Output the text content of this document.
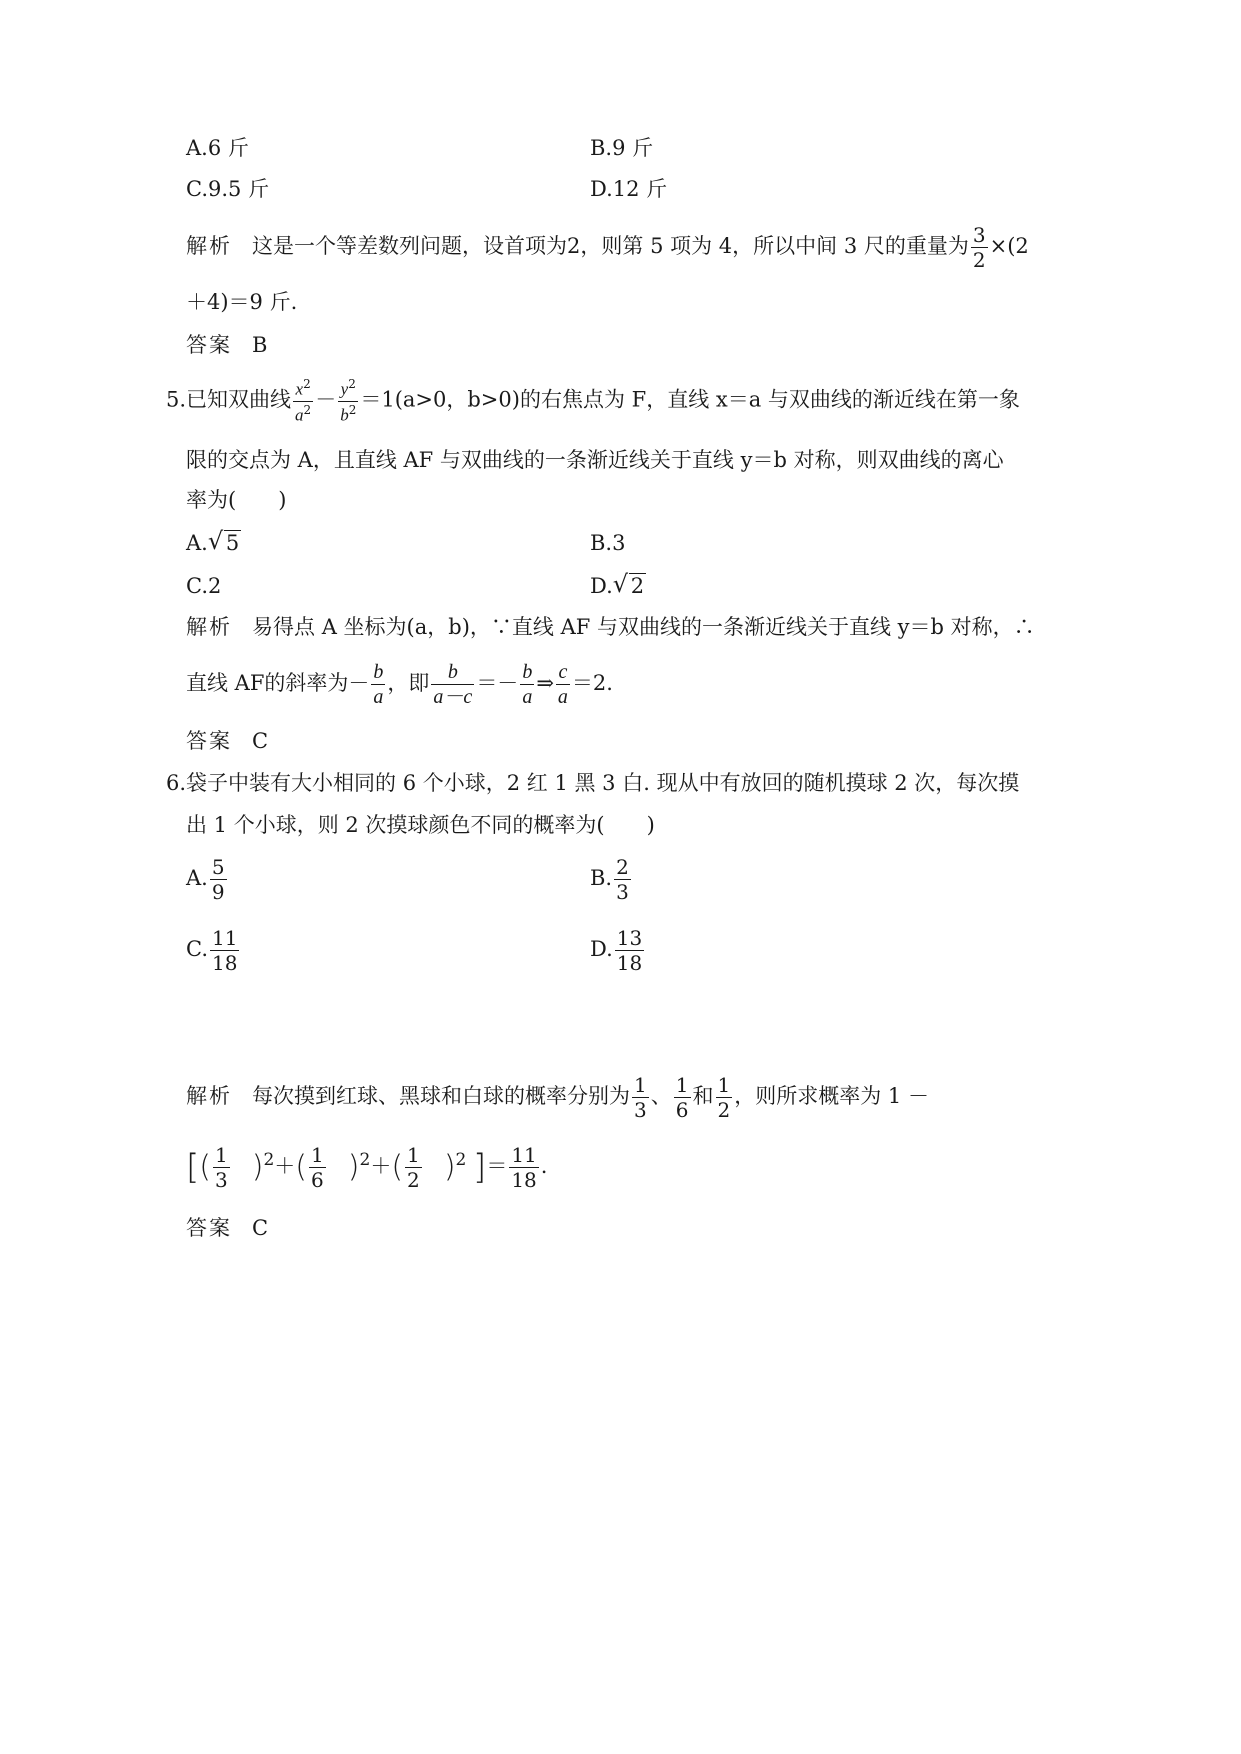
A.6 斤	B.9 斤
C.9.5 斤	D.12 斤
解析 这是一个等差数列问题，设首项为2，则第 5 项为 4，所以中间 3 尺的重量为 $\frac{3}{2} \times(2$
＋4)＝9 斤.
答案 B
5.已知双曲线 $\frac{x^2}{a^2} - \frac{y^2}{b^2} =1(a>0$，b>0)的右焦点为 F，直线 x＝a 与双曲线的渐近线在第一象
限的交点为 A，且直线 AF 与双曲线的一条渐近线关于直线 y＝b 对称，则双曲线的离心
率为(　　)
A. √ 5	B.3
C.2	D. √ 2
解析 易得点 A 坐标为(a，b)，∵直线 AF 与双曲线的一条渐近线关于直线 y＝b 对称，∴
直线 AF的斜率为－ $\frac{b}{a}$ ，即 $\frac{b}{a-c} =- \frac{b}{a}$ ⇒ $\frac{c}{a} =2$.
答案 C
6.袋子中装有大小相同的 6 个小球，2 红 1 黑 3 白. 现从中有放回的随机摸球 2 次，每次摸
出 1 个小球，则 2 次摸球颜色不同的概率为(　　)
A. $\frac{5}{9}$	B. $\frac{2}{3}$
C. $\frac{11}{18}$	D. $\frac{13}{18}$
解析 每次摸到红球、黑球和白球的概率分别为 $\frac{1}{3}$ 、 $\frac{1}{6}$ 和 $\frac{1}{2}$ ，则所求概率为 1 －
[( $\frac{1}{3} )^2+( \frac{1}{6} )^2+( \frac{1}{2} )^2$ ]＝ $\frac{11}{18}$ .
答案 C
